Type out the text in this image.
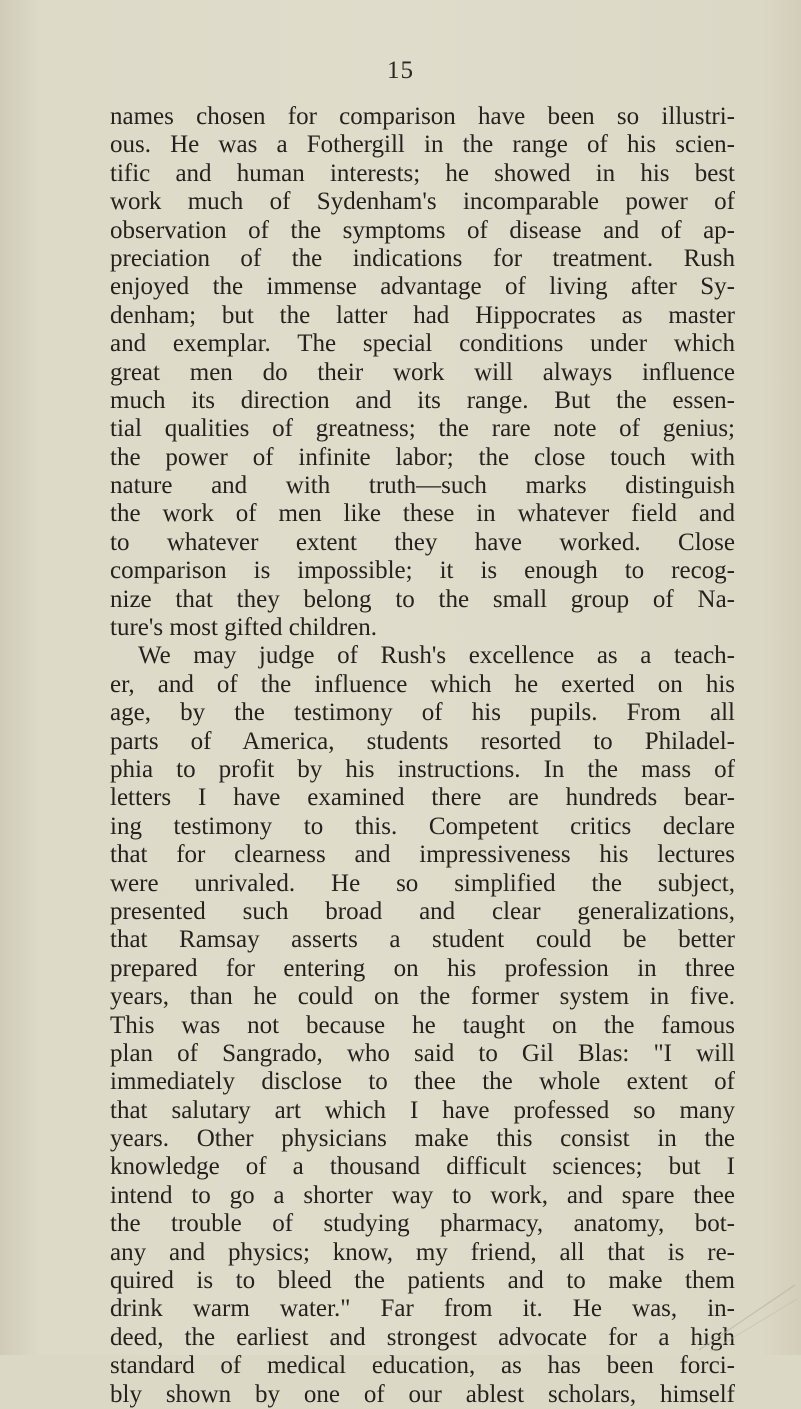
15
names chosen for comparison have been so illustri-
ous. He was a Fothergill in the range of his scien-
tific and human interests; he showed in his best
work much of Sydenham's incomparable power of
observation of the symptoms of disease and of ap-
preciation of the indications for treatment. Rush
enjoyed the immense advantage of living after Sy-
denham; but the latter had Hippocrates as master
and exemplar. The special conditions under which
great men do their work will always influence
much its direction and its range. But the essen-
tial qualities of greatness; the rare note of genius;
the power of infinite labor; the close touch with
nature and with truth—such marks distinguish
the work of men like these in whatever field and
to whatever extent they have worked. Close
comparison is impossible; it is enough to recog-
nize that they belong to the small group of Na-
ture's most gifted children.
We may judge of Rush's excellence as a teach-
er, and of the influence which he exerted on his
age, by the testimony of his pupils. From all
parts of America, students resorted to Philadel-
phia to profit by his instructions. In the mass of
letters I have examined there are hundreds bear-
ing testimony to this. Competent critics declare
that for clearness and impressiveness his lectures
were unrivaled. He so simplified the subject,
presented such broad and clear generalizations,
that Ramsay asserts a student could be better
prepared for entering on his profession in three
years, than he could on the former system in five.
This was not because he taught on the famous
plan of Sangrado, who said to Gil Blas: "I will
immediately disclose to thee the whole extent of
that salutary art which I have professed so many
years. Other physicians make this consist in the
knowledge of a thousand difficult sciences; but I
intend to go a shorter way to work, and spare thee
the trouble of studying pharmacy, anatomy, bot-
any and physics; know, my friend, all that is re-
quired is to bleed the patients and to make them
drink warm water." Far from it. He was, in-
deed, the earliest and strongest advocate for a high
standard of medical education, as has been forci-
bly shown by one of our ablest scholars, himself
